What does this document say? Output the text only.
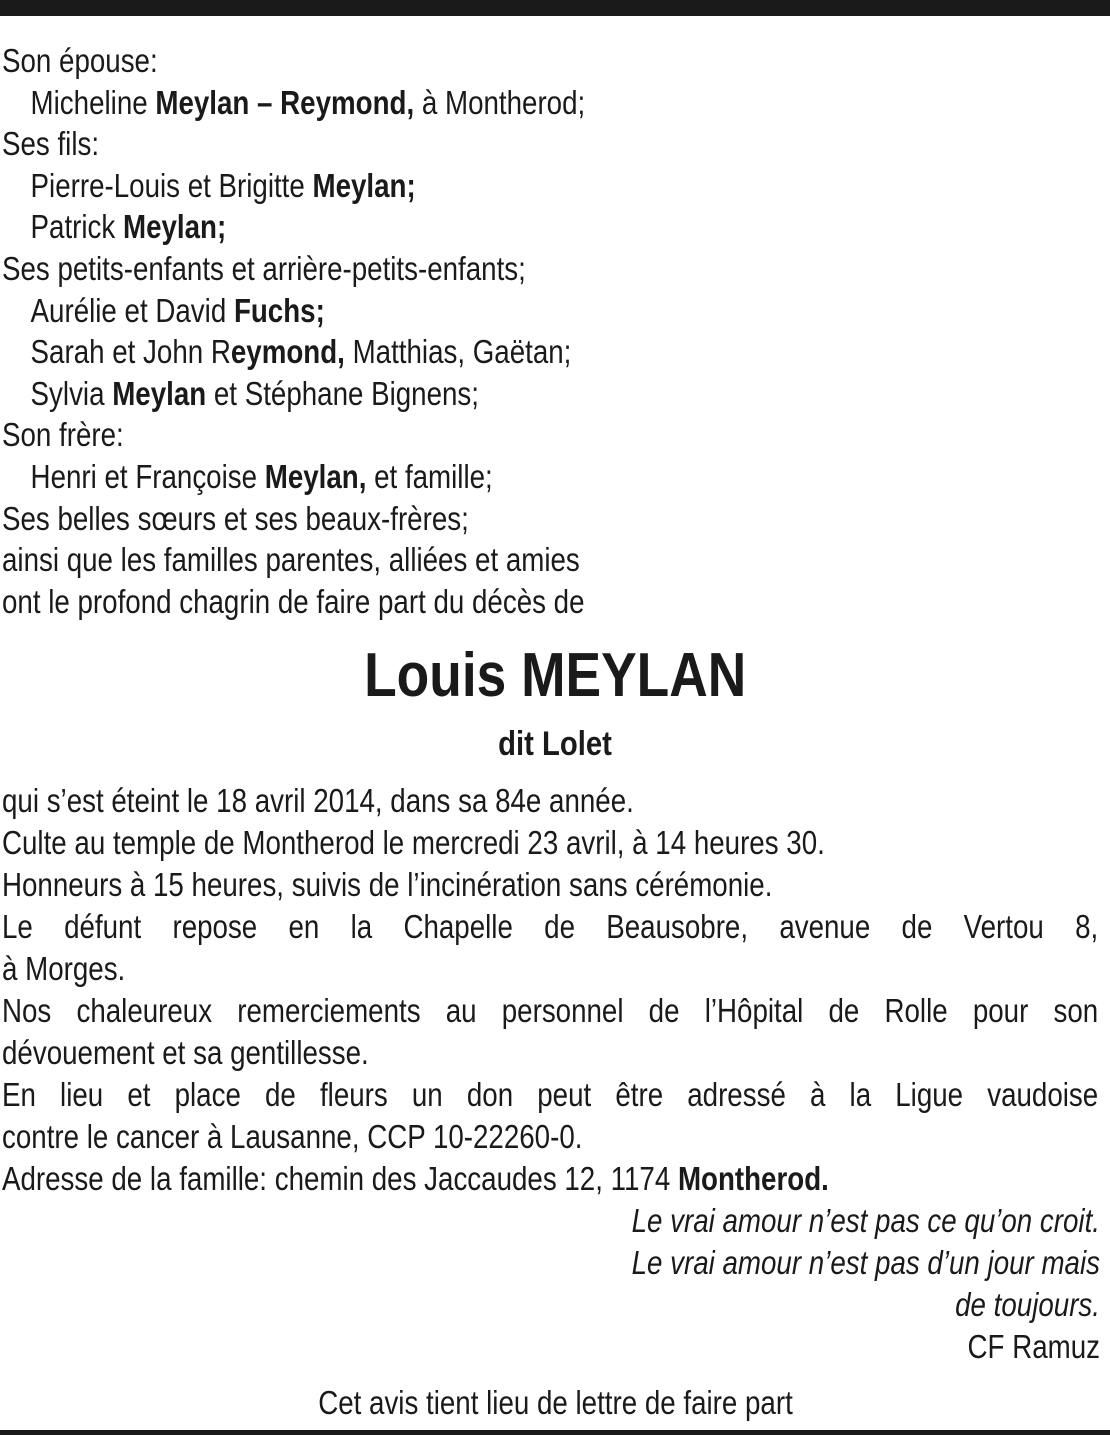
Son épouse:
Micheline Meylan – Reymond, à Montherod;
Ses fils:
Pierre-Louis et Brigitte Meylan;
Patrick Meylan;
Ses petits-enfants et arrière-petits-enfants;
Aurélie et David Fuchs;
Sarah et John Reymond, Matthias, Gaëtan;
Sylvia Meylan et Stéphane Bignens;
Son frère:
Henri et Françoise Meylan, et famille;
Ses belles sœurs et ses beaux-frères;
ainsi que les familles parentes, alliées et amies
ont le profond chagrin de faire part du décès de
Louis MEYLAN
dit Lolet
qui s’est éteint le 18 avril 2014, dans sa 84e année.
Culte au temple de Montherod le mercredi 23 avril, à 14 heures 30.
Honneurs à 15 heures, suivis de l’incinération sans cérémonie.
Le défunt repose en la Chapelle de Beausobre, avenue de Vertou 8,
à Morges.
Nos chaleureux remerciements au personnel de l’Hôpital de Rolle pour son
dévouement et sa gentillesse.
En lieu et place de fleurs un don peut être adressé à la Ligue vaudoise
contre le cancer à Lausanne, CCP 10-22260-0.
Adresse de la famille: chemin des Jaccaudes 12, 1174 Montherod.
Le vrai amour n’est pas ce qu’on croit.
Le vrai amour n’est pas d’un jour mais
de toujours.
CF Ramuz
Cet avis tient lieu de lettre de faire part
